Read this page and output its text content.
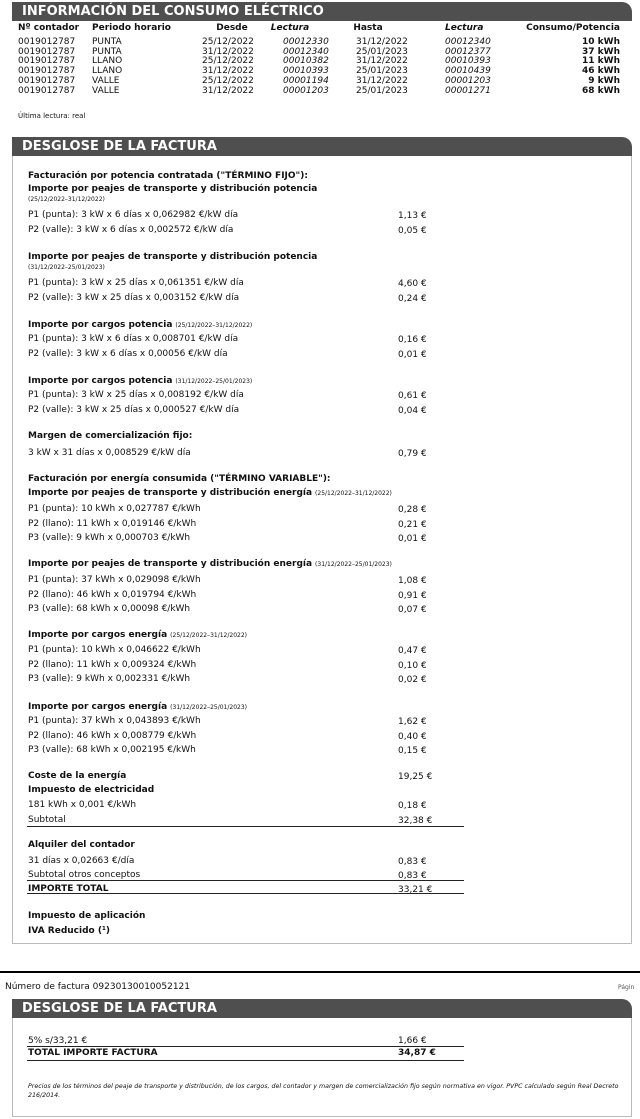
INFORMACIÓN DEL CONSUMO ELÉCTRICO
Nº contador Periodo horario	Desde	Lectura	Hasta	Lectura	Consumo/Potencia
0019012787 PUNTA	25/12/2022	00012330	31/12/2022	00012340	10 kWh
0019012787 PUNTA	31/12/2022	00012340	25/01/2023	00012377	37 kWh
0019012787 LLANO	25/12/2022	00010382	31/12/2022	00010393	11 kWh
0019012787 LLANO	31/12/2022	00010393	25/01/2023	00010439	46 kWh
0019012787 VALLE	25/12/2022	00001194	31/12/2022	00001203	9 kWh
0019012787 VALLE	31/12/2022	00001203	25/01/2023	00001271	68 kWh
Última lectura: real
DESGLOSE DE LA FACTURA
Facturación por potencia contratada ("TÉRMINO FIJO"):
Importe por peajes de transporte y distribución potencia
(25/12/2022–31/12/2022)
P1 (punta): 3 kW x 6 días x 0,062982 €/kW día	1,13 €
P2 (valle): 3 kW x 6 días x 0,002572 €/kW día	0,05 €
Importe por peajes de transporte y distribución potencia
(31/12/2022–25/01/2023)
P1 (punta): 3 kW x 25 días x 0,061351 €/kW día	4,60 €
P2 (valle): 3 kW x 25 días x 0,003152 €/kW día	0,24 €
Importe por cargos potencia (25/12/2022–31/12/2022)
P1 (punta): 3 kW x 6 días x 0,008701 €/kW día	0,16 €
P2 (valle): 3 kW x 6 días x 0,00056 €/kW día	0,01 €
Importe por cargos potencia (31/12/2022–25/01/2023)
P1 (punta): 3 kW x 25 días x 0,008192 €/kW día	0,61 €
P2 (valle): 3 kW x 25 días x 0,000527 €/kW día	0,04 €
Margen de comercialización fijo:
3 kW x 31 días x 0,008529 €/kW día	0,79 €
Facturación por energía consumida ("TÉRMINO VARIABLE"):
Importe por peajes de transporte y distribución energía (25/12/2022–31/12/2022)
P1 (punta): 10 kWh x 0,027787 €/kWh	0,28 €
P2 (llano): 11 kWh x 0,019146 €/kWh	0,21 €
P3 (valle): 9 kWh x 0,000703 €/kWh	0,01 €
Importe por peajes de transporte y distribución energía (31/12/2022–25/01/2023)
P1 (punta): 37 kWh x 0,029098 €/kWh	1,08 €
P2 (llano): 46 kWh x 0,019794 €/kWh	0,91 €
P3 (valle): 68 kWh x 0,00098 €/kWh	0,07 €
Importe por cargos energía (25/12/2022–31/12/2022)
P1 (punta): 10 kWh x 0,046622 €/kWh	0,47 €
P2 (llano): 11 kWh x 0,009324 €/kWh	0,10 €
P3 (valle): 9 kWh x 0,002331 €/kWh	0,02 €
Importe por cargos energía (31/12/2022–25/01/2023)
P1 (punta): 37 kWh x 0,043893 €/kWh	1,62 €
P2 (llano): 46 kWh x 0,008779 €/kWh	0,40 €
P3 (valle): 68 kWh x 0,002195 €/kWh	0,15 €
Coste de la energía	19,25 €
Impuesto de electricidad
181 kWh x 0,001 €/kWh	0,18 €
Subtotal	32,38 €
Alquiler del contador
31 días x 0,02663 €/día	0,83 €
Subtotal otros conceptos	0,83 €
IMPORTE TOTAL	33,21 €
Impuesto de aplicación
IVA Reducido (¹)
Número de factura 09230130010052121	Págin
DESGLOSE DE LA FACTURA
5% s/33,21 €	1,66 €
TOTAL IMPORTE FACTURA	34,87 €
Precios de los términos del peaje de transporte y distribución, de los cargos, del contador y margen de comercialización fijo según normativa en vigor. PVPC calculado según Real Decreto 216/2014.
